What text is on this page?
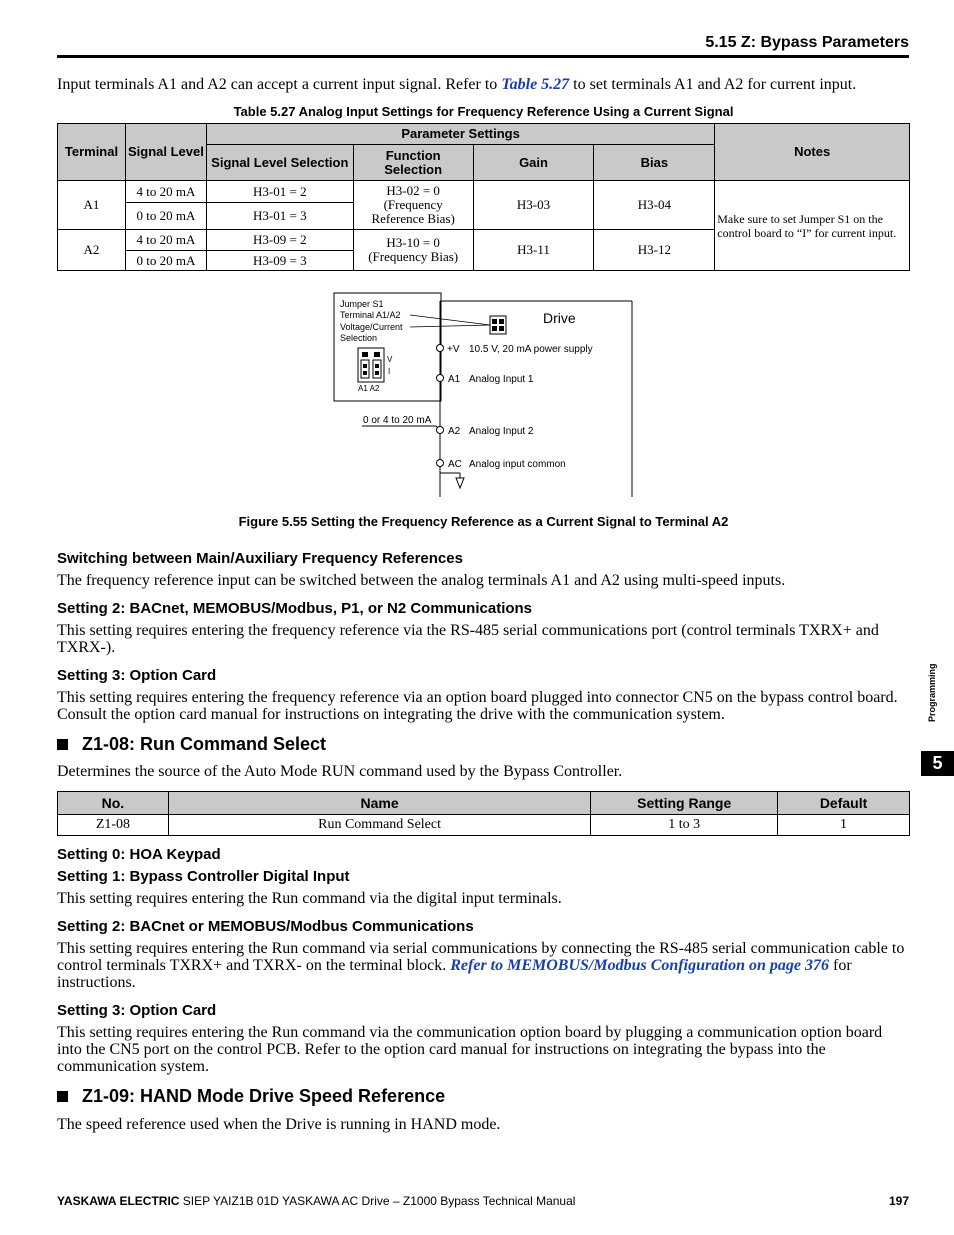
5.15 Z: Bypass Parameters
Input terminals A1 and A2 can accept a current input signal. Refer to Table 5.27 to set terminals A1 and A2 for current input.
Table 5.27 Analog Input Settings for Frequency Reference Using a Current Signal
Terminal	Signal Level	Parameter Settings				Notes
		Signal Level Selection	Function Selection	Gain	Bias	
A1	4 to 20 mA	H3-01 = 2	H3-02 = 0 (Frequency Reference Bias)	H3-03	H3-04	Make sure to set Jumper S1 on the control board to “I” for current input.
	0 to 20 mA	H3-01 = 3				
A2	4 to 20 mA	H3-09 = 2	H3-10 = 0 (Frequency Bias)	H3-11	H3-12	
	0 to 20 mA	H3-09 = 3				
Jumper S1
Terminal A1/A2
Voltage/Current
Selection
V
I
A1 A2
Drive
+V 10.5 V, 20 mA power supply
A1 Analog Input 1
0 or 4 to 20 mA
A2 Analog Input 2
AC Analog input common
Figure 5.55 Setting the Frequency Reference as a Current Signal to Terminal A2
Switching between Main/Auxiliary Frequency References
The frequency reference input can be switched between the analog terminals A1 and A2 using multi-speed inputs.
Setting 2: BACnet, MEMOBUS/Modbus, P1, or N2 Communications
This setting requires entering the frequency reference via the RS-485 serial communications port (control terminals TXRX+ and TXRX-).
Setting 3: Option Card
This setting requires entering the frequency reference via an option board plugged into connector CN5 on the bypass control board. Consult the option card manual for instructions on integrating the drive with the communication system.
Z1-08: Run Command Select
Determines the source of the Auto Mode RUN command used by the Bypass Controller.
No.	Name	Setting Range	Default
Z1-08	Run Command Select	1 to 3	1
Setting 0: HOA Keypad
Setting 1: Bypass Controller Digital Input
This setting requires entering the Run command via the digital input terminals.
Setting 2: BACnet or MEMOBUS/Modbus Communications
This setting requires entering the Run command via serial communications by connecting the RS-485 serial communication cable to control terminals TXRX+ and TXRX- on the terminal block. Refer to MEMOBUS/Modbus Configuration on page 376 for instructions.
Setting 3: Option Card
This setting requires entering the Run command via the communication option board by plugging a communication option board into the CN5 port on the control PCB. Refer to the option card manual for instructions on integrating the bypass into the communication system.
Z1-09: HAND Mode Drive Speed Reference
The speed reference used when the Drive is running in HAND mode.
Programming
5
YASKAWA ELECTRIC SIEP YAIZ1B 01D YASKAWA AC Drive – Z1000 Bypass Technical Manual	197
